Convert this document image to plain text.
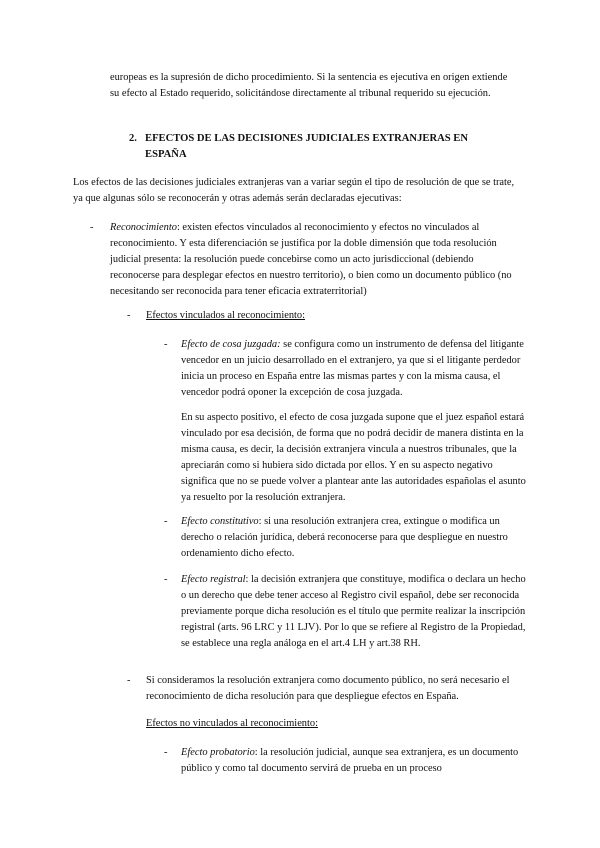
europeas es la supresión de dicho procedimiento. Si la sentencia es ejecutiva en origen extiende su efecto al Estado requerido, solicitándose directamente al tribunal requerido su ejecución.

2. EFECTOS DE LAS DECISIONES JUDICIALES EXTRANJERAS EN ESPAÑA

Los efectos de las decisiones judiciales extranjeras van a variar según el tipo de resolución de que se trate, ya que algunas sólo se reconocerán y otras además serán declaradas ejecutivas:

- Reconocimiento: existen efectos vinculados al reconocimiento y efectos no vinculados al reconocimiento. Y esta diferenciación se justifica por la doble dimensión que toda resolución judicial presenta: la resolución puede concebirse como un acto jurisdiccional (debiendo reconocerse para desplegar efectos en nuestro territorio), o bien como un documento público (no necesitando ser reconocida para tener eficacia extraterritorial)

- Efectos vinculados al reconocimiento:

- Efecto de cosa juzgada: se configura como un instrumento de defensa del litigante vencedor en un juicio desarrollado en el extranjero, ya que si el litigante perdedor inicia un proceso en España entre las mismas partes y con la misma causa, el vencedor podrá oponer la excepción de cosa juzgada.

En su aspecto positivo, el efecto de cosa juzgada supone que el juez español estará vinculado por esa decisión, de forma que no podrá decidir de manera distinta en la misma causa, es decir, la decisión extranjera vincula a nuestros tribunales, que la apreciarán como si hubiera sido dictada por ellos. Y en su aspecto negativo significa que no se puede volver a plantear ante las autoridades españolas el asunto ya resuelto por la resolución extranjera.

- Efecto constitutivo: si una resolución extranjera crea, extingue o modifica un derecho o relación jurídica, deberá reconocerse para que despliegue en nuestro ordenamiento dicho efecto.

- Efecto registral: la decisión extranjera que constituye, modifica o declara un hecho o un derecho que debe tener acceso al Registro civil español, debe ser reconocida previamente porque dicha resolución es el título que permite realizar la inscripción registral (arts. 96 LRC y 11 LJV). Por lo que se refiere al Registro de la Propiedad, se establece una regla análoga en el art.4 LH y art.38 RH.

- Si consideramos la resolución extranjera como documento público, no será necesario el reconocimiento de dicha resolución para que despliegue efectos en España.

Efectos no vinculados al reconocimiento:

- Efecto probatorio: la resolución judicial, aunque sea extranjera, es un documento público y como tal documento servirá de prueba en un proceso
